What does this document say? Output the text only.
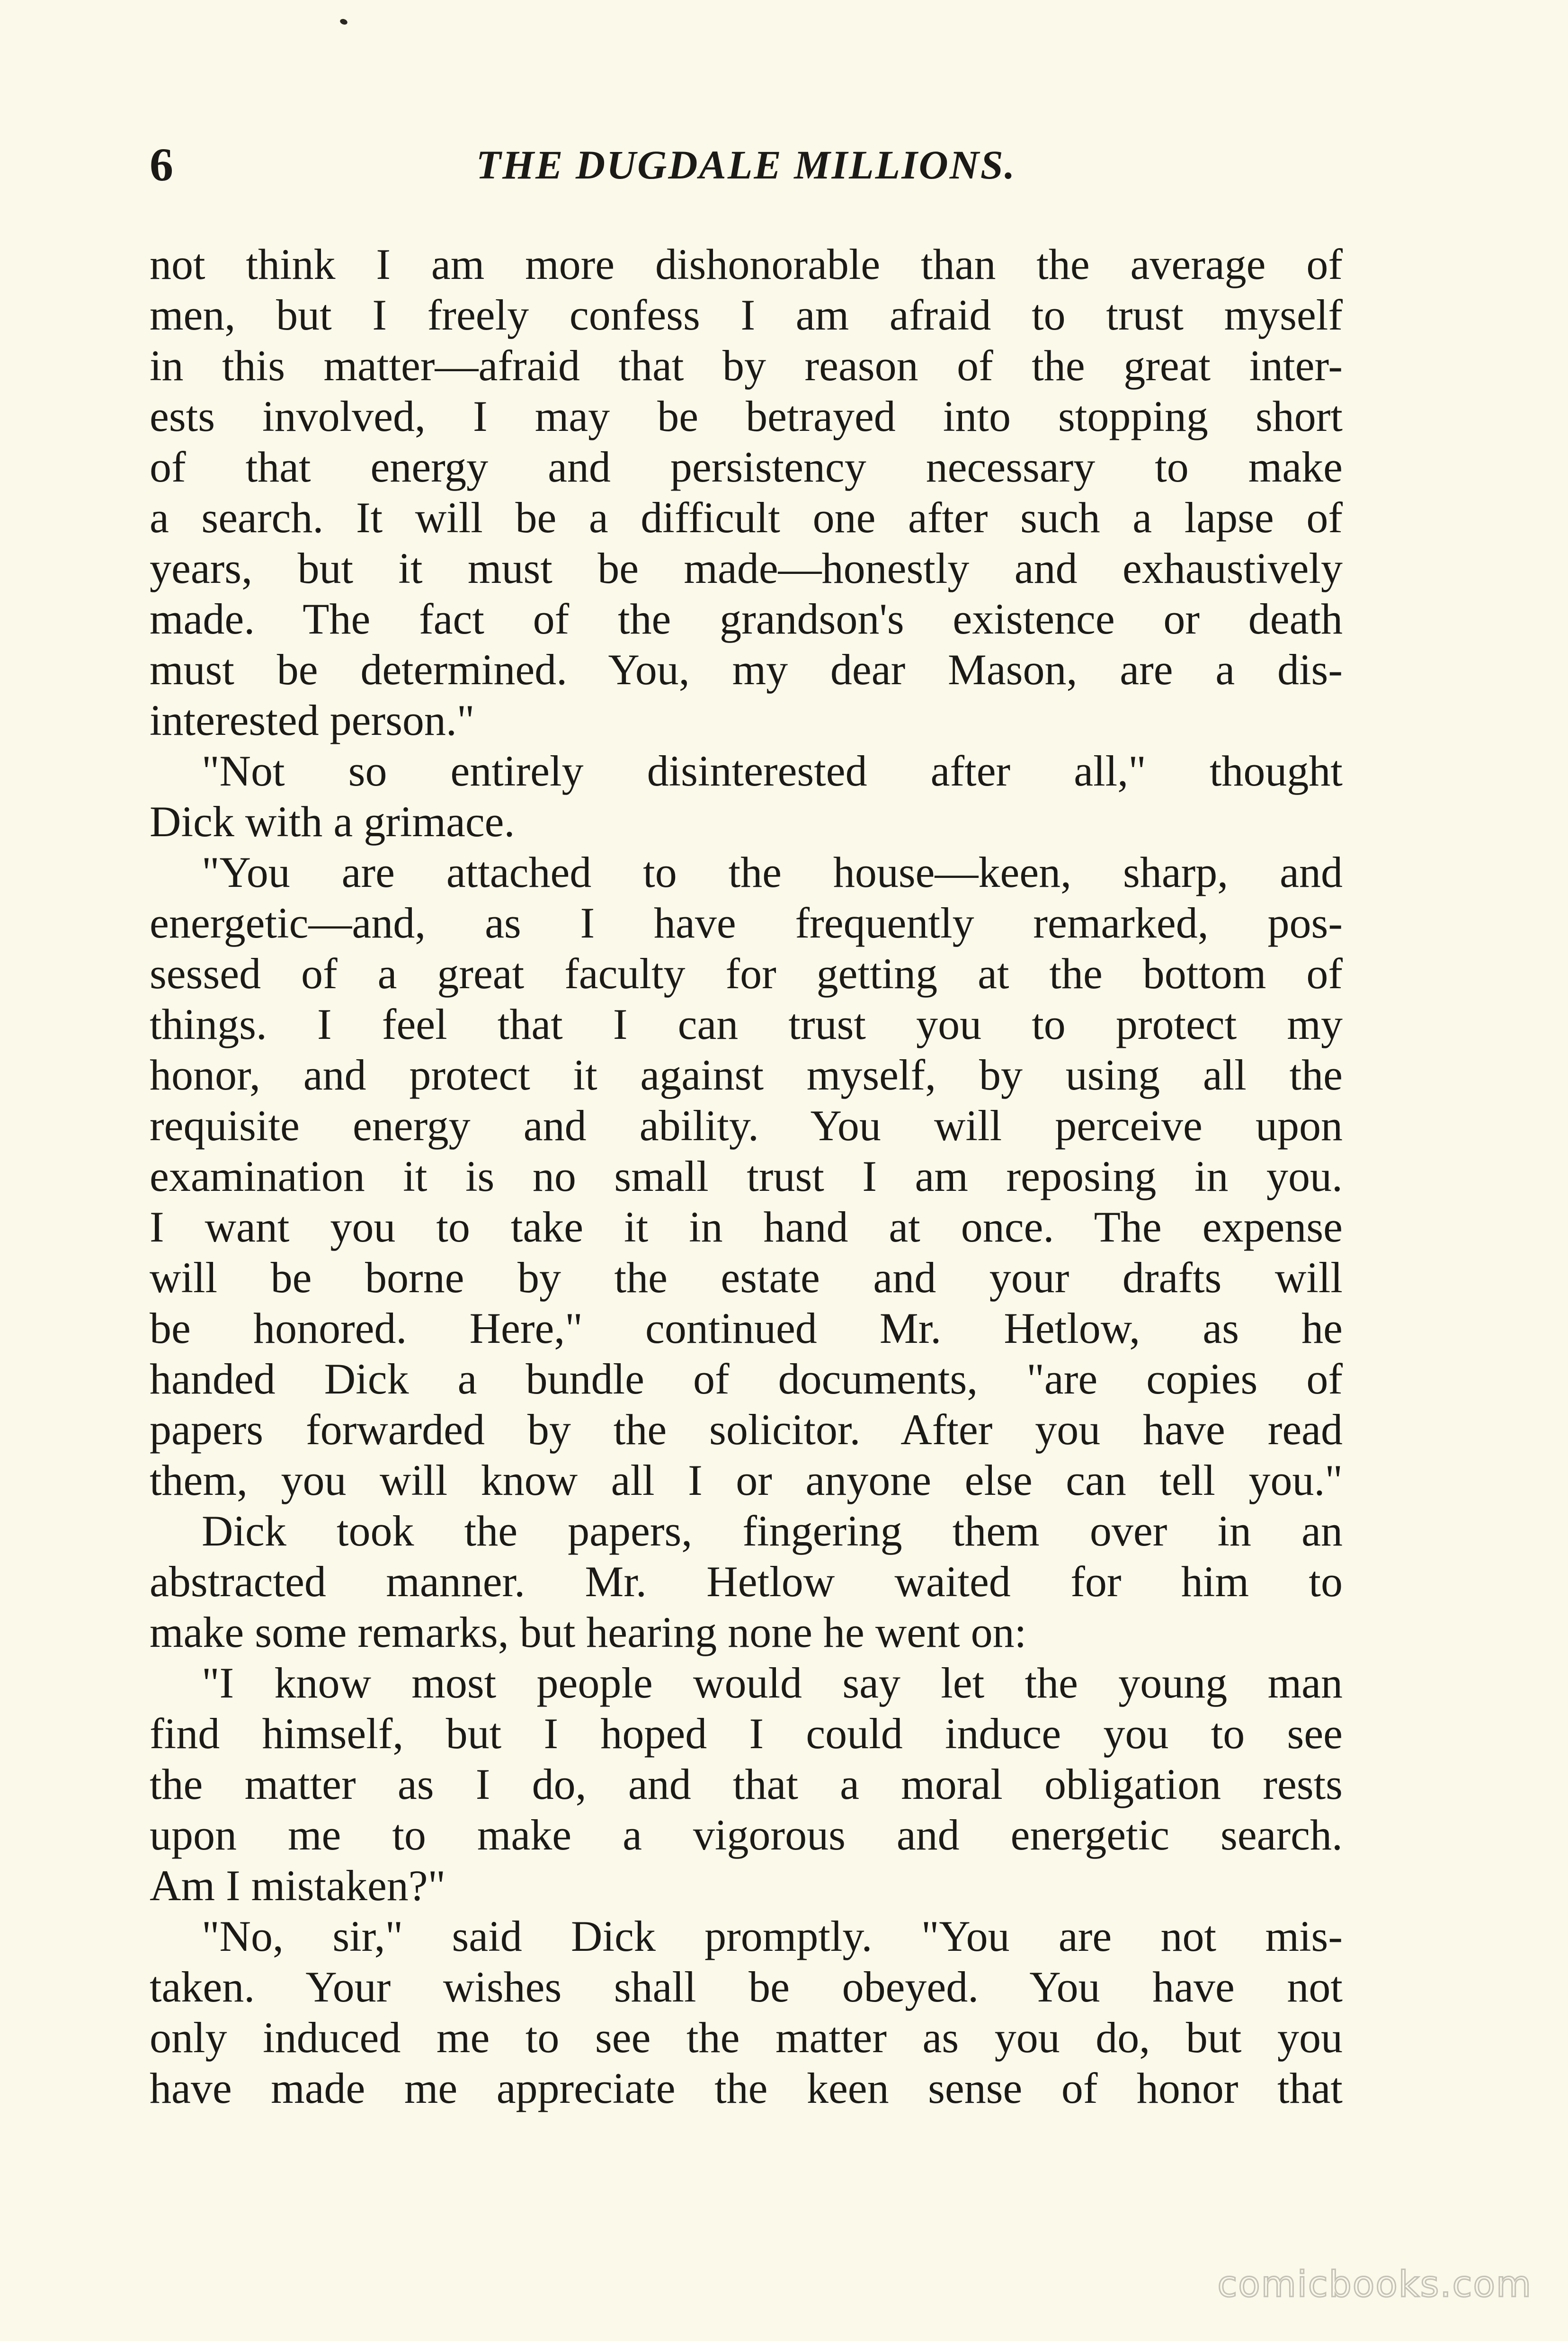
6	THE DUGDALE MILLIONS.
not think I am more dishonorable than the average of
men, but I freely confess I am afraid to trust myself
in this matter—afraid that by reason of the great inter-
ests involved, I may be betrayed into stopping short
of that energy and persistency necessary to make
a search. It will be a difficult one after such a lapse of
years, but it must be made—honestly and exhaustively
made. The fact of the grandson's existence or death
must be determined. You, my dear Mason, are a dis-
interested person."
"Not so entirely disinterested after all," thought
Dick with a grimace.
"You are attached to the house—keen, sharp, and
energetic—and, as I have frequently remarked, pos-
sessed of a great faculty for getting at the bottom of
things. I feel that I can trust you to protect my
honor, and protect it against myself, by using all the
requisite energy and ability. You will perceive upon
examination it is no small trust I am reposing in you.
I want you to take it in hand at once. The expense
will be borne by the estate and your drafts will
be honored. Here," continued Mr. Hetlow, as he
handed Dick a bundle of documents, "are copies of
papers forwarded by the solicitor. After you have read
them, you will know all I or anyone else can tell you."
Dick took the papers, fingering them over in an
abstracted manner. Mr. Hetlow waited for him to
make some remarks, but hearing none he went on:
"I know most people would say let the young man
find himself, but I hoped I could induce you to see
the matter as I do, and that a moral obligation rests
upon me to make a vigorous and energetic search.
Am I mistaken?"
"No, sir," said Dick promptly. "You are not mis-
taken. Your wishes shall be obeyed. You have not
only induced me to see the matter as you do, but you
have made me appreciate the keen sense of honor that
comicbooks.com
